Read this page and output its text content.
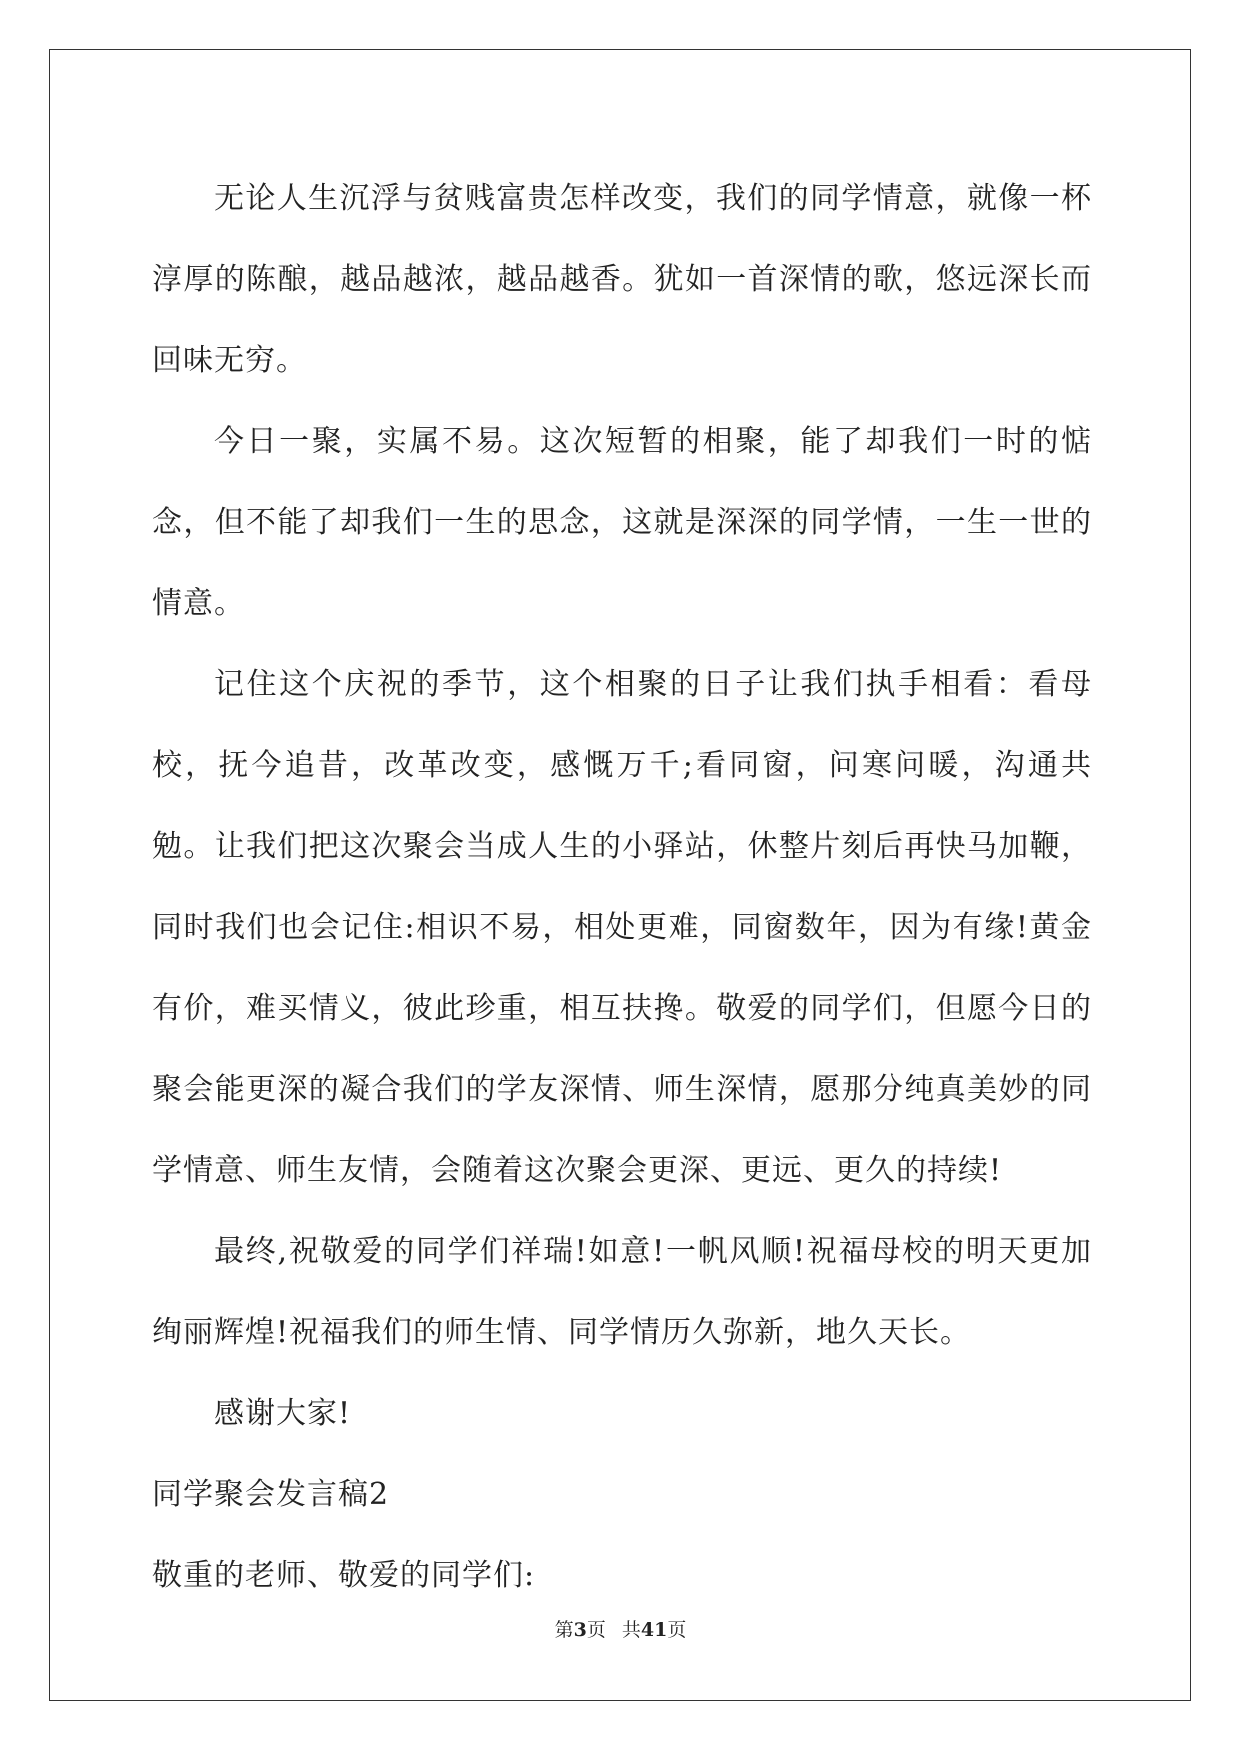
无论人生沉浮与贫贱富贵怎样改变，我们的同学情意，就像一杯淳厚的陈酿，越品越浓，越品越香。犹如一首深情的歌，悠远深长而回味无穷。

今日一聚，实属不易。这次短暂的相聚，能了却我们一时的惦念，但不能了却我们一生的思念，这就是深深的同学情，一生一世的情意。

记住这个庆祝的季节，这个相聚的日子让我们执手相看：看母校，抚今追昔，改革改变，感慨万千;看同窗，问寒问暖，沟通共勉。让我们把这次聚会当成人生的小驿站，休整片刻后再快马加鞭，同时我们也会记住:相识不易，相处更难，同窗数年，因为有缘!黄金有价，难买情义，彼此珍重，相互扶搀。敬爱的同学们，但愿今日的聚会能更深的凝合我们的学友深情、师生深情，愿那分纯真美妙的同学情意、师生友情，会随着这次聚会更深、更远、更久的持续!

最终,祝敬爱的同学们祥瑞!如意!一帆风顺!祝福母校的明天更加绚丽辉煌!祝福我们的师生情、同学情历久弥新，地久天长。

感谢大家!

同学聚会发言稿2

敬重的老师、敬爱的同学们:

第3页 共41页
